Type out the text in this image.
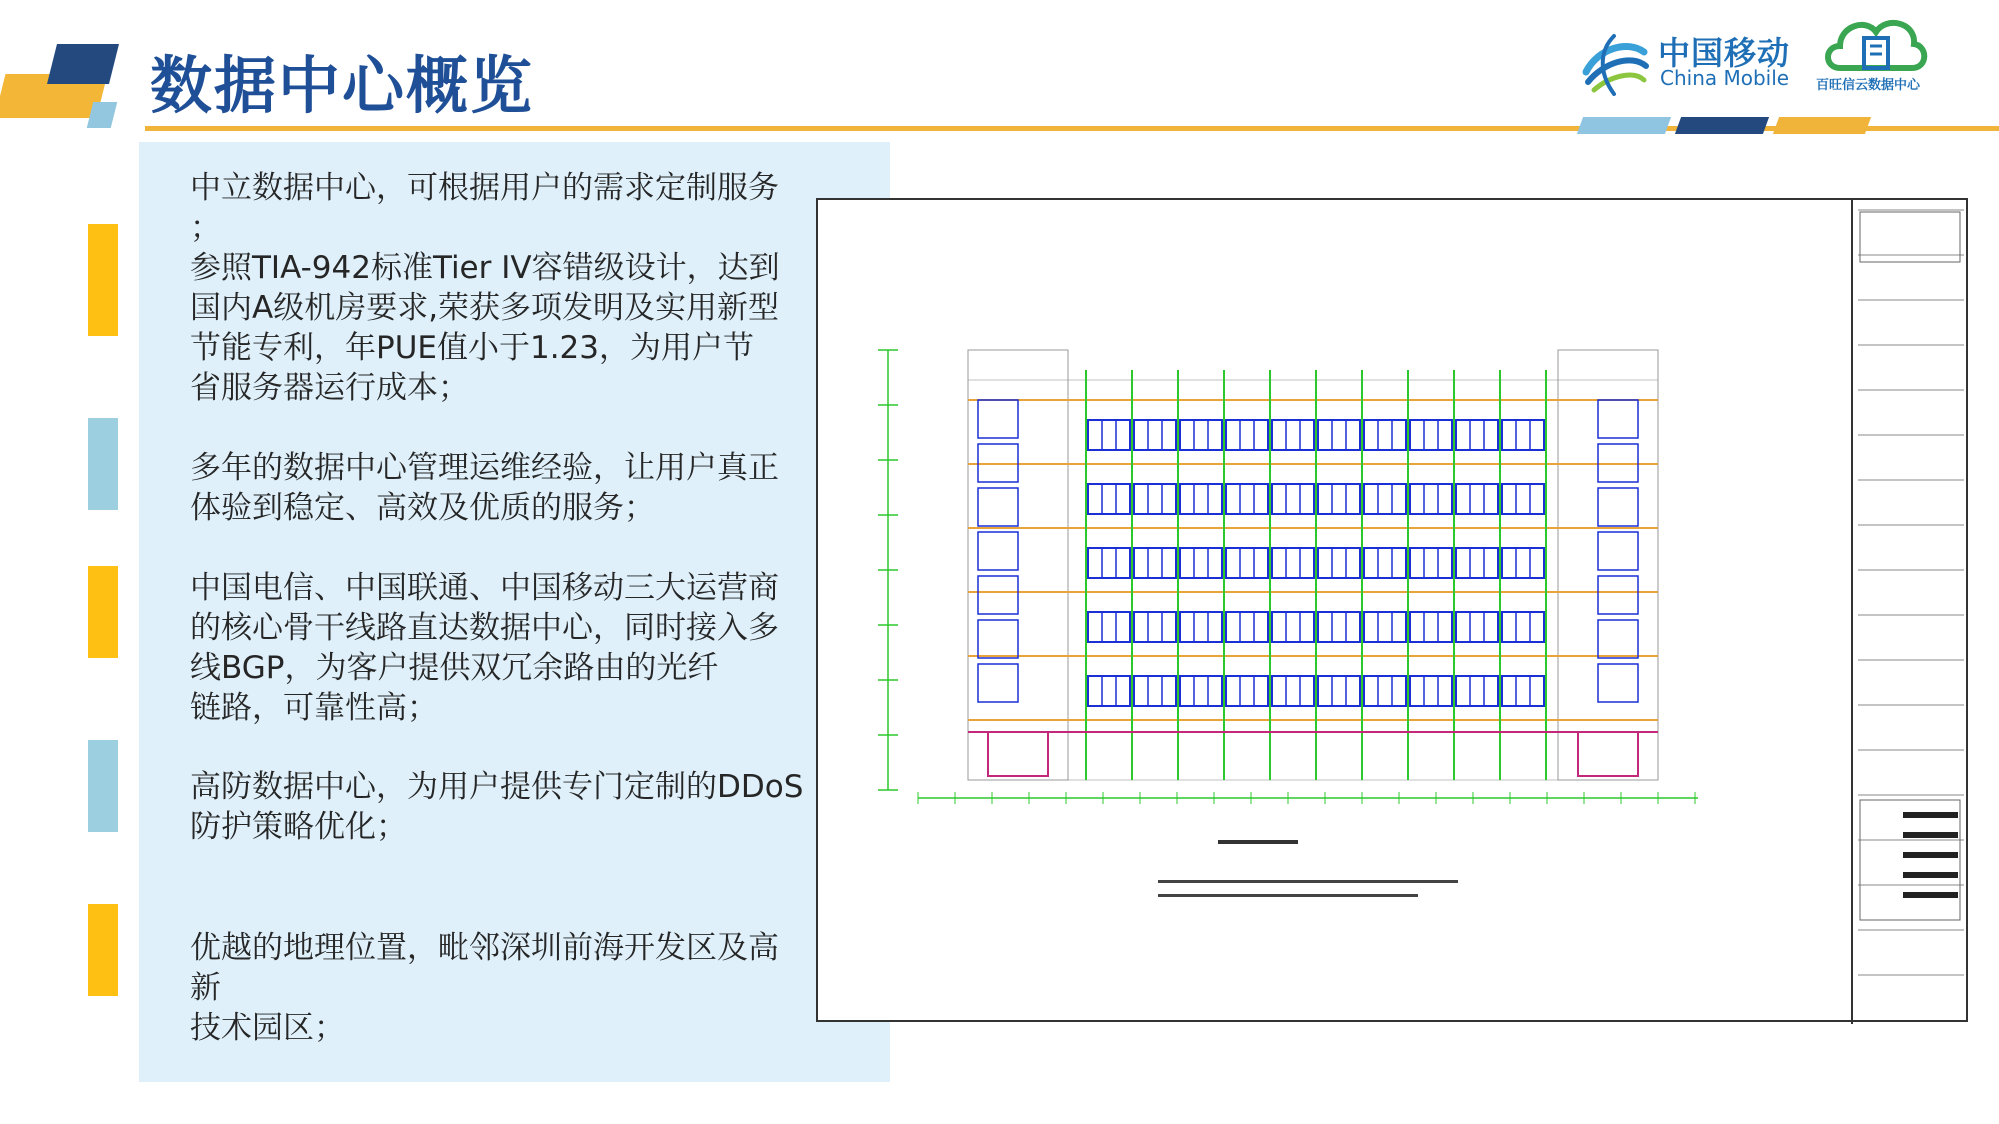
数据中心概览	中国移动
China Mobile 百旺信云数据中心
中立数据中心，可根据用户的需求定制服务
；
参照TIA-942标准Tier IV容错级设计，达到
国内A级机房要求,荣获多项发明及实用新型
节能专利，年PUE值小于1.23，为用户节
省服务器运行成本；
多年的数据中心管理运维经验，让用户真正
体验到稳定、高效及优质的服务；
中国电信、中国联通、中国移动三大运营商
的核心骨干线路直达数据中心，同时接入多
线BGP，为客户提供双冗余路由的光纤
链路，可靠性高；
高防数据中心，为用户提供专门定制的DDoS
防护策略优化；
优越的地理位置，毗邻深圳前海开发区及高
新
技术园区；
